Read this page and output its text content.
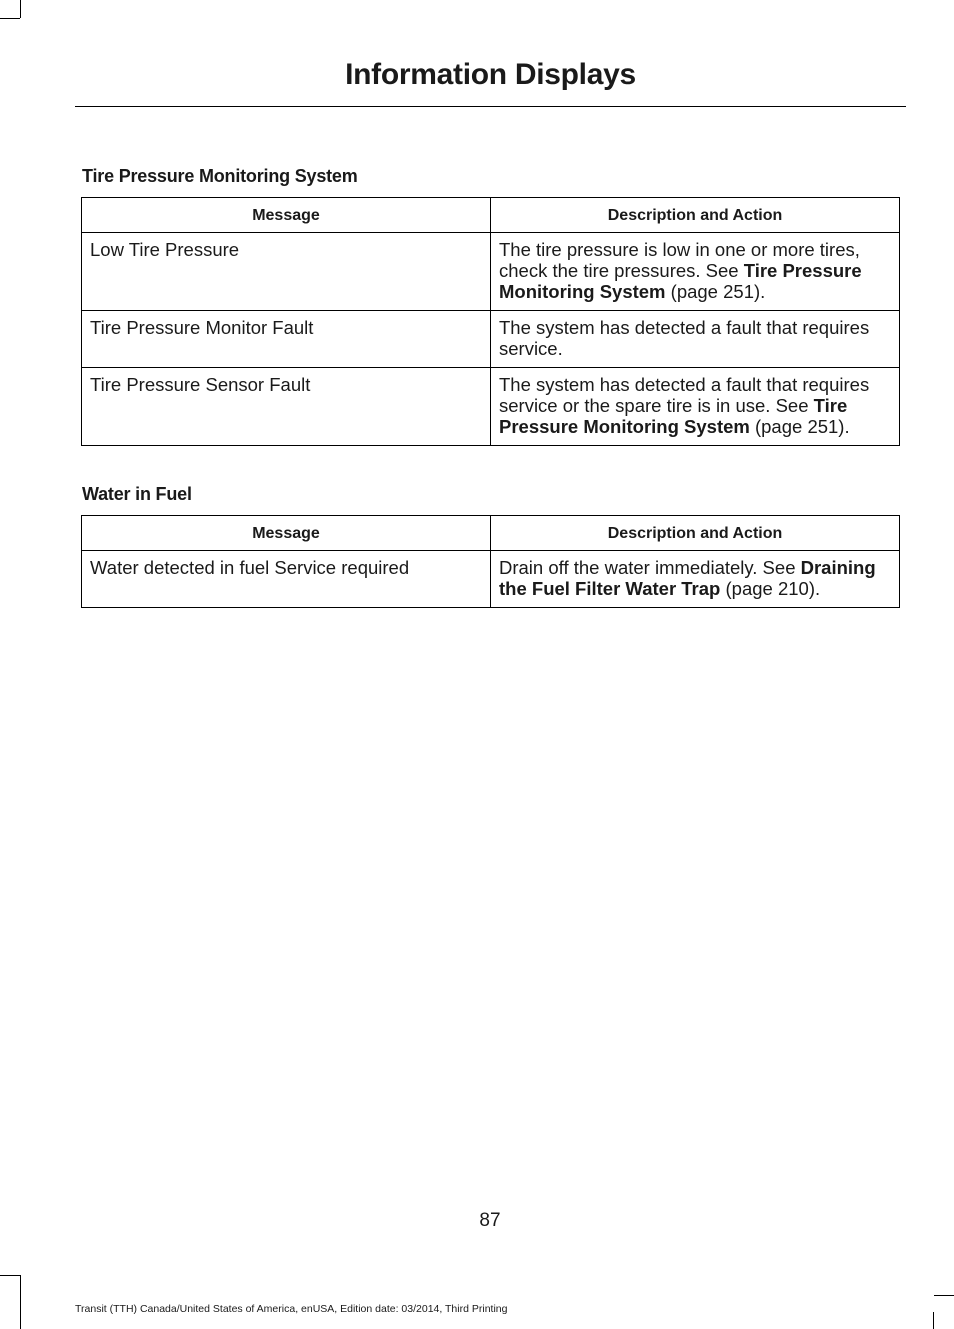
Information Displays
Tire Pressure Monitoring System
Message	Description and Action
Low Tire Pressure	The tire pressure is low in one or more tires, check the tire pressures. See Tire Pressure Monitoring System (page 251).
Tire Pressure Monitor Fault	The system has detected a fault that requires service.
Tire Pressure Sensor Fault	The system has detected a fault that requires service or the spare tire is in use. See Tire Pressure Monitoring System (page 251).
Water in Fuel
Message	Description and Action
Water detected in fuel Service required	Drain off the water immediately. See Draining the Fuel Filter Water Trap (page 210).
87
Transit (TTH) Canada/United States of America, enUSA, Edition date: 03/2014, Third Printing
